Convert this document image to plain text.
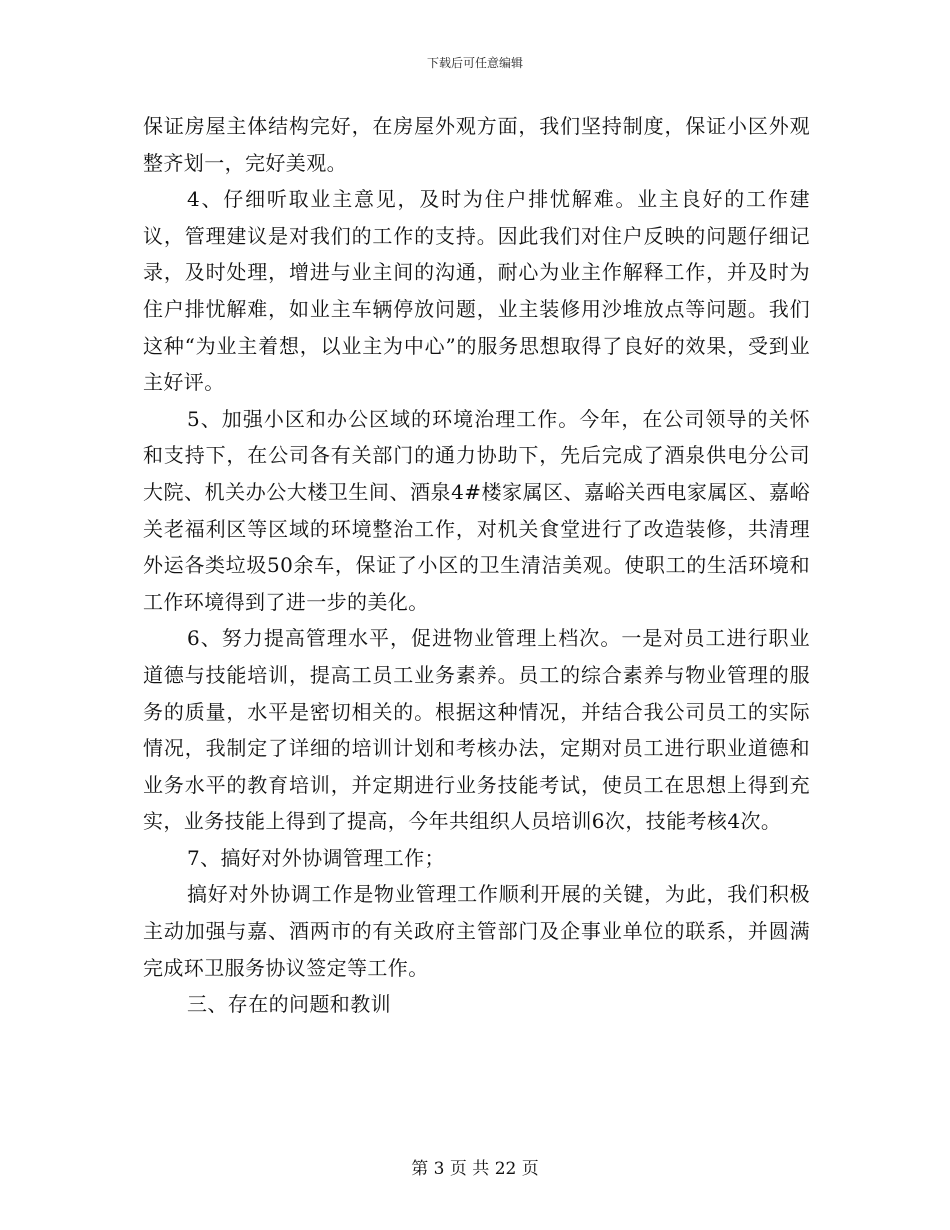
下载后可任意编辑

保证房屋主体结构完好，在房屋外观方面，我们坚持制度，保证小区外观整齐划一，完好美观。

4、仔细听取业主意见，及时为住户排忧解难。业主良好的工作建议，管理建议是对我们的工作的支持。因此我们对住户反映的问题仔细记录，及时处理，增进与业主间的沟通，耐心为业主作解释工作，并及时为住户排忧解难，如业主车辆停放问题，业主装修用沙堆放点等问题。我们这种“为业主着想，以业主为中心”的服务思想取得了良好的效果，受到业主好评。

5、加强小区和办公区域的环境治理工作。今年，在公司领导的关怀和支持下，在公司各有关部门的通力协助下，先后完成了酒泉供电分公司大院、机关办公大楼卫生间、酒泉4#楼家属区、嘉峪关西电家属区、嘉峪关老福利区等区域的环境整治工作，对机关食堂进行了改造装修，共清理外运各类垃圾50余车，保证了小区的卫生清洁美观。使职工的生活环境和工作环境得到了进一步的美化。

6、努力提高管理水平，促进物业管理上档次。一是对员工进行职业道德与技能培训，提高工员工业务素养。员工的综合素养与物业管理的服务的质量，水平是密切相关的。根据这种情况，并结合我公司员工的实际情况，我制定了详细的培训计划和考核办法，定期对员工进行职业道德和业务水平的教育培训，并定期进行业务技能考试，使员工在思想上得到充实，业务技能上得到了提高，今年共组织人员培训6次，技能考核4次。

7、搞好对外协调管理工作；

搞好对外协调工作是物业管理工作顺利开展的关键，为此，我们积极主动加强与嘉、酒两市的有关政府主管部门及企事业单位的联系，并圆满完成环卫服务协议签定等工作。

三、存在的问题和教训

第 3 页 共 22 页
